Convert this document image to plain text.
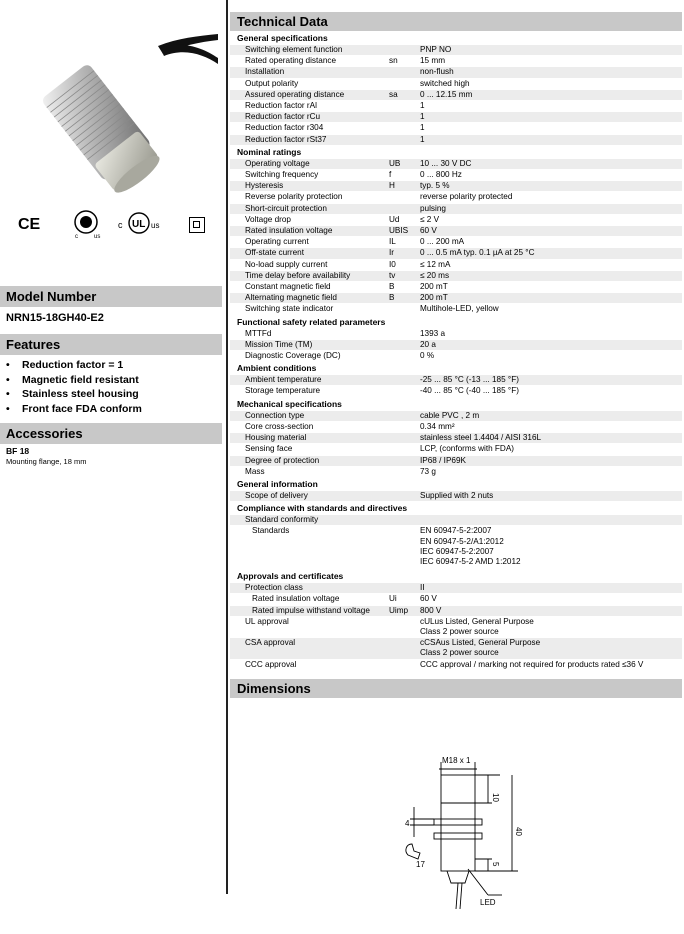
CE
c	us
c UL us
Model Number
NRN15-18GH40-E2
Features
• Reduction factor = 1
• Magnetic field resistant
• Stainless steel housing
• Front face FDA conform
Accessories
BF 18
Mounting flange, 18 mm
Technical Data
General specifications
Switching element function	PNP NO
Rated operating distance	sn	15 mm
Installation	non-flush
Output polarity	switched high
Assured operating distance	sa	0 ... 12.15 mm
Reduction factor rAl	1
Reduction factor rCu	1
Reduction factor r304	1
Reduction factor rSt37	1
Nominal ratings
Operating voltage	UB	10 ... 30 V DC
Switching frequency	f	0 ... 800 Hz
Hysteresis	H	typ. 5 %
Reverse polarity protection	reverse polarity protected
Short-circuit protection	pulsing
Voltage drop	Ud	≤ 2 V
Rated insulation voltage	UBIS	60 V
Operating current	IL	0 ... 200 mA
Off-state current	Ir	0 ... 0.5 mA typ. 0.1 µA at 25 °C
No-load supply current	I0	≤ 12 mA
Time delay before availability	tv	≤ 20 ms
Constant magnetic field	B	200 mT
Alternating magnetic field	B	200 mT
Switching state indicator	Multihole-LED, yellow
Functional safety related parameters
MTTFd	1393 a
Mission Time (TM)	20 a
Diagnostic Coverage (DC)	0 %
Ambient conditions
Ambient temperature	-25 ... 85 °C (-13 ... 185 °F)
Storage temperature	-40 ... 85 °C (-40 ... 185 °F)
Mechanical specifications
Connection type	cable PVC , 2 m
Core cross-section	0.34 mm²
Housing material	stainless steel 1.4404 / AISI 316L
Sensing face	LCP, (conforms with FDA)
Degree of protection	IP68 / IP69K
Mass	73 g
General information
Scope of delivery	Supplied with 2 nuts
Compliance with standards and directives
Standard conformity
Standards	EN 60947-5-2:2007
EN 60947-5-2/A1:2012
IEC 60947-5-2:2007
IEC 60947-5-2 AMD 1:2012
Approvals and certificates
Protection class	II
Rated insulation voltage	Ui	60 V
Rated impulse withstand voltage	Uimp	800 V
UL approval	cULus Listed, General Purpose
Class 2 power source
CSA approval	cCSAus Listed, General Purpose
Class 2 power source
CCC approval	CCC approval / marking not required for products rated ≤36 V
Dimensions
M18 x 1
10
40
4
5
17
LED
